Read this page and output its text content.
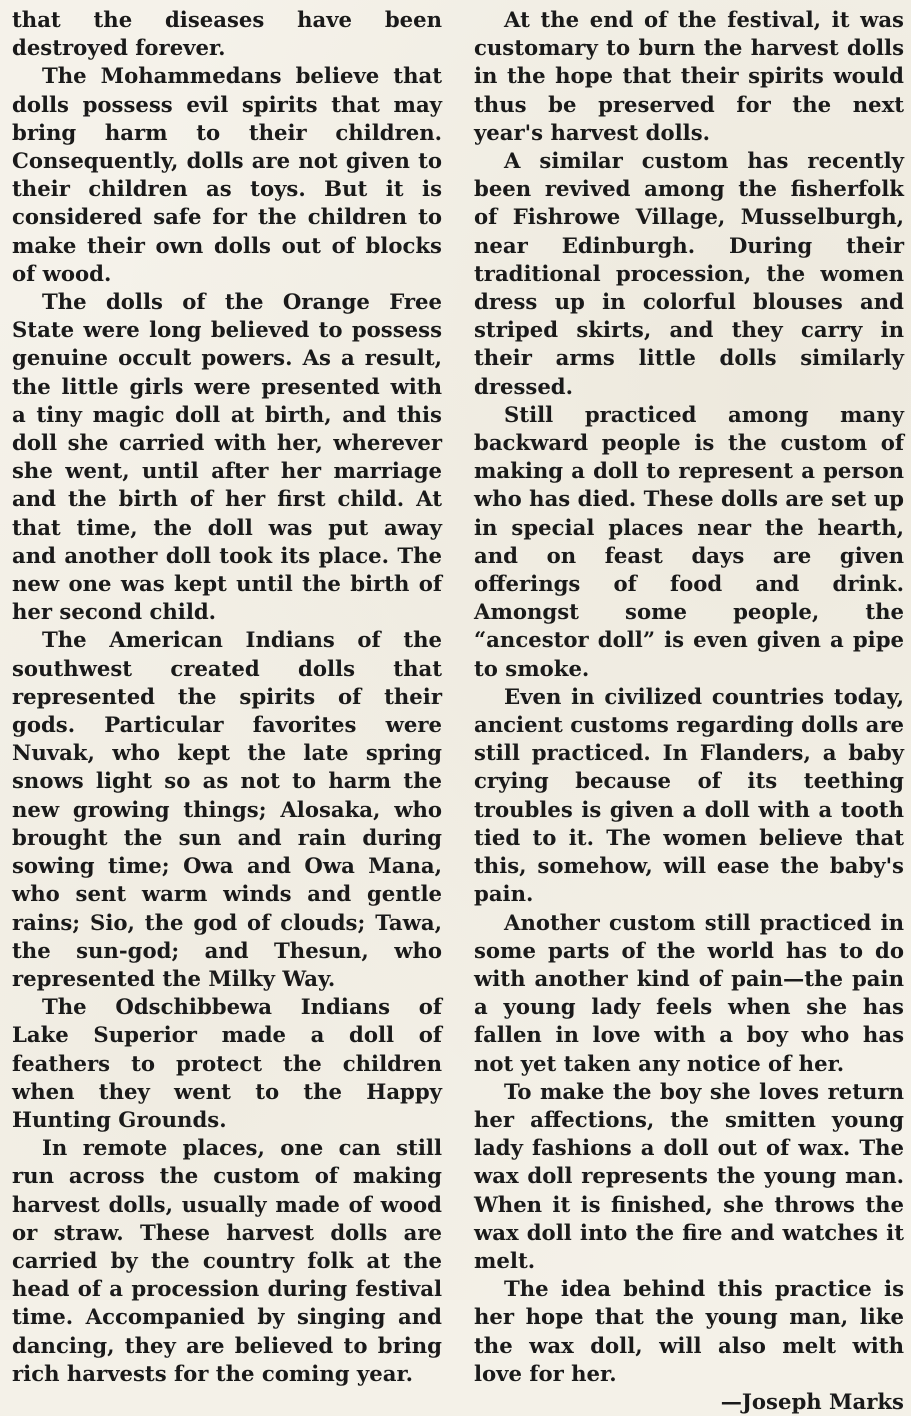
that the diseases have been destroyed forever.

The Mohammedans believe that dolls possess evil spirits that may bring harm to their children. Consequently, dolls are not given to their children as toys. But it is considered safe for the children to make their own dolls out of blocks of wood.

The dolls of the Orange Free State were long believed to possess genuine occult powers. As a result, the little girls were presented with a tiny magic doll at birth, and this doll she carried with her, wherever she went, until after her marriage and the birth of her first child. At that time, the doll was put away and another doll took its place. The new one was kept until the birth of her second child.

The American Indians of the southwest created dolls that represented the spirits of their gods. Particular favorites were Nuvak, who kept the late spring snows light so as not to harm the new growing things; Alosaka, who brought the sun and rain during sowing time; Owa and Owa Mana, who sent warm winds and gentle rains; Sio, the god of clouds; Tawa, the sun-god; and Thesun, who represented the Milky Way.

The Odschibbewa Indians of Lake Superior made a doll of feathers to protect the children when they went to the Happy Hunting Grounds.

In remote places, one can still run across the custom of making harvest dolls, usually made of wood or straw. These harvest dolls are carried by the country folk at the head of a procession during festival time. Accompanied by singing and dancing, they are believed to bring rich harvests for the coming year.

At the end of the festival, it was customary to burn the harvest dolls in the hope that their spirits would thus be preserved for the next year's harvest dolls.

A similar custom has recently been revived among the fisherfolk of Fishrowe Village, Musselburgh, near Edinburgh. During their traditional procession, the women dress up in colorful blouses and striped skirts, and they carry in their arms little dolls similarly dressed.

Still practiced among many backward people is the custom of making a doll to represent a person who has died. These dolls are set up in special places near the hearth, and on feast days are given offerings of food and drink. Amongst some people, the “ancestor doll” is even given a pipe to smoke.

Even in civilized countries today, ancient customs regarding dolls are still practiced. In Flanders, a baby crying because of its teething troubles is given a doll with a tooth tied to it. The women believe that this, somehow, will ease the baby's pain.

Another custom still practiced in some parts of the world has to do with another kind of pain—the pain a young lady feels when she has fallen in love with a boy who has not yet taken any notice of her.

To make the boy she loves return her affections, the smitten young lady fashions a doll out of wax. The wax doll represents the young man. When it is finished, she throws the wax doll into the fire and watches it melt.

The idea behind this practice is her hope that the young man, like the wax doll, will also melt with love for her.

—Joseph Marks
